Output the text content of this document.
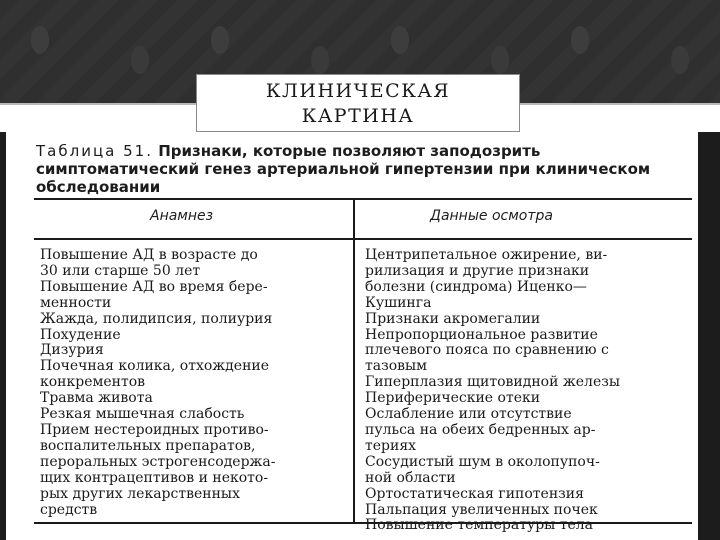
КЛИНИЧЕСКАЯ
КАРТИНА
Таблица 51. Признаки, которые позволяют заподозрить симптоматический генез артериальной гипертензии при клиническом обследовании
Анамнез	Данные осмотра
Повышение АД в возрасте до
30 или старше 50 лет
Повышение АД во время бере-
менности
Жажда, полидипсия, полиурия
Похудение
Дизурия
Почечная колика, отхождение
конкрементов
Травма живота
Резкая мышечная слабость
Прием нестероидных противо-
воспалительных препаратов,
пероральных эстрогенсодержа-
щих контрацептивов и некото-
рых других лекарственных
средств
Центрипетальное ожирение, ви-
рилизация и другие признаки
болезни (синдрома) Иценко—
Кушинга
Признаки акромегалии
Непропорциональное развитие
плечевого пояса по сравнению с
тазовым
Гиперплазия щитовидной железы
Периферические отеки
Ослабление или отсутствие
пульса на обеих бедренных ар-
териях
Сосудистый шум в околопупоч-
ной области
Ортостатическая гипотензия
Пальпация увеличенных почек
Повышение температуры тела
